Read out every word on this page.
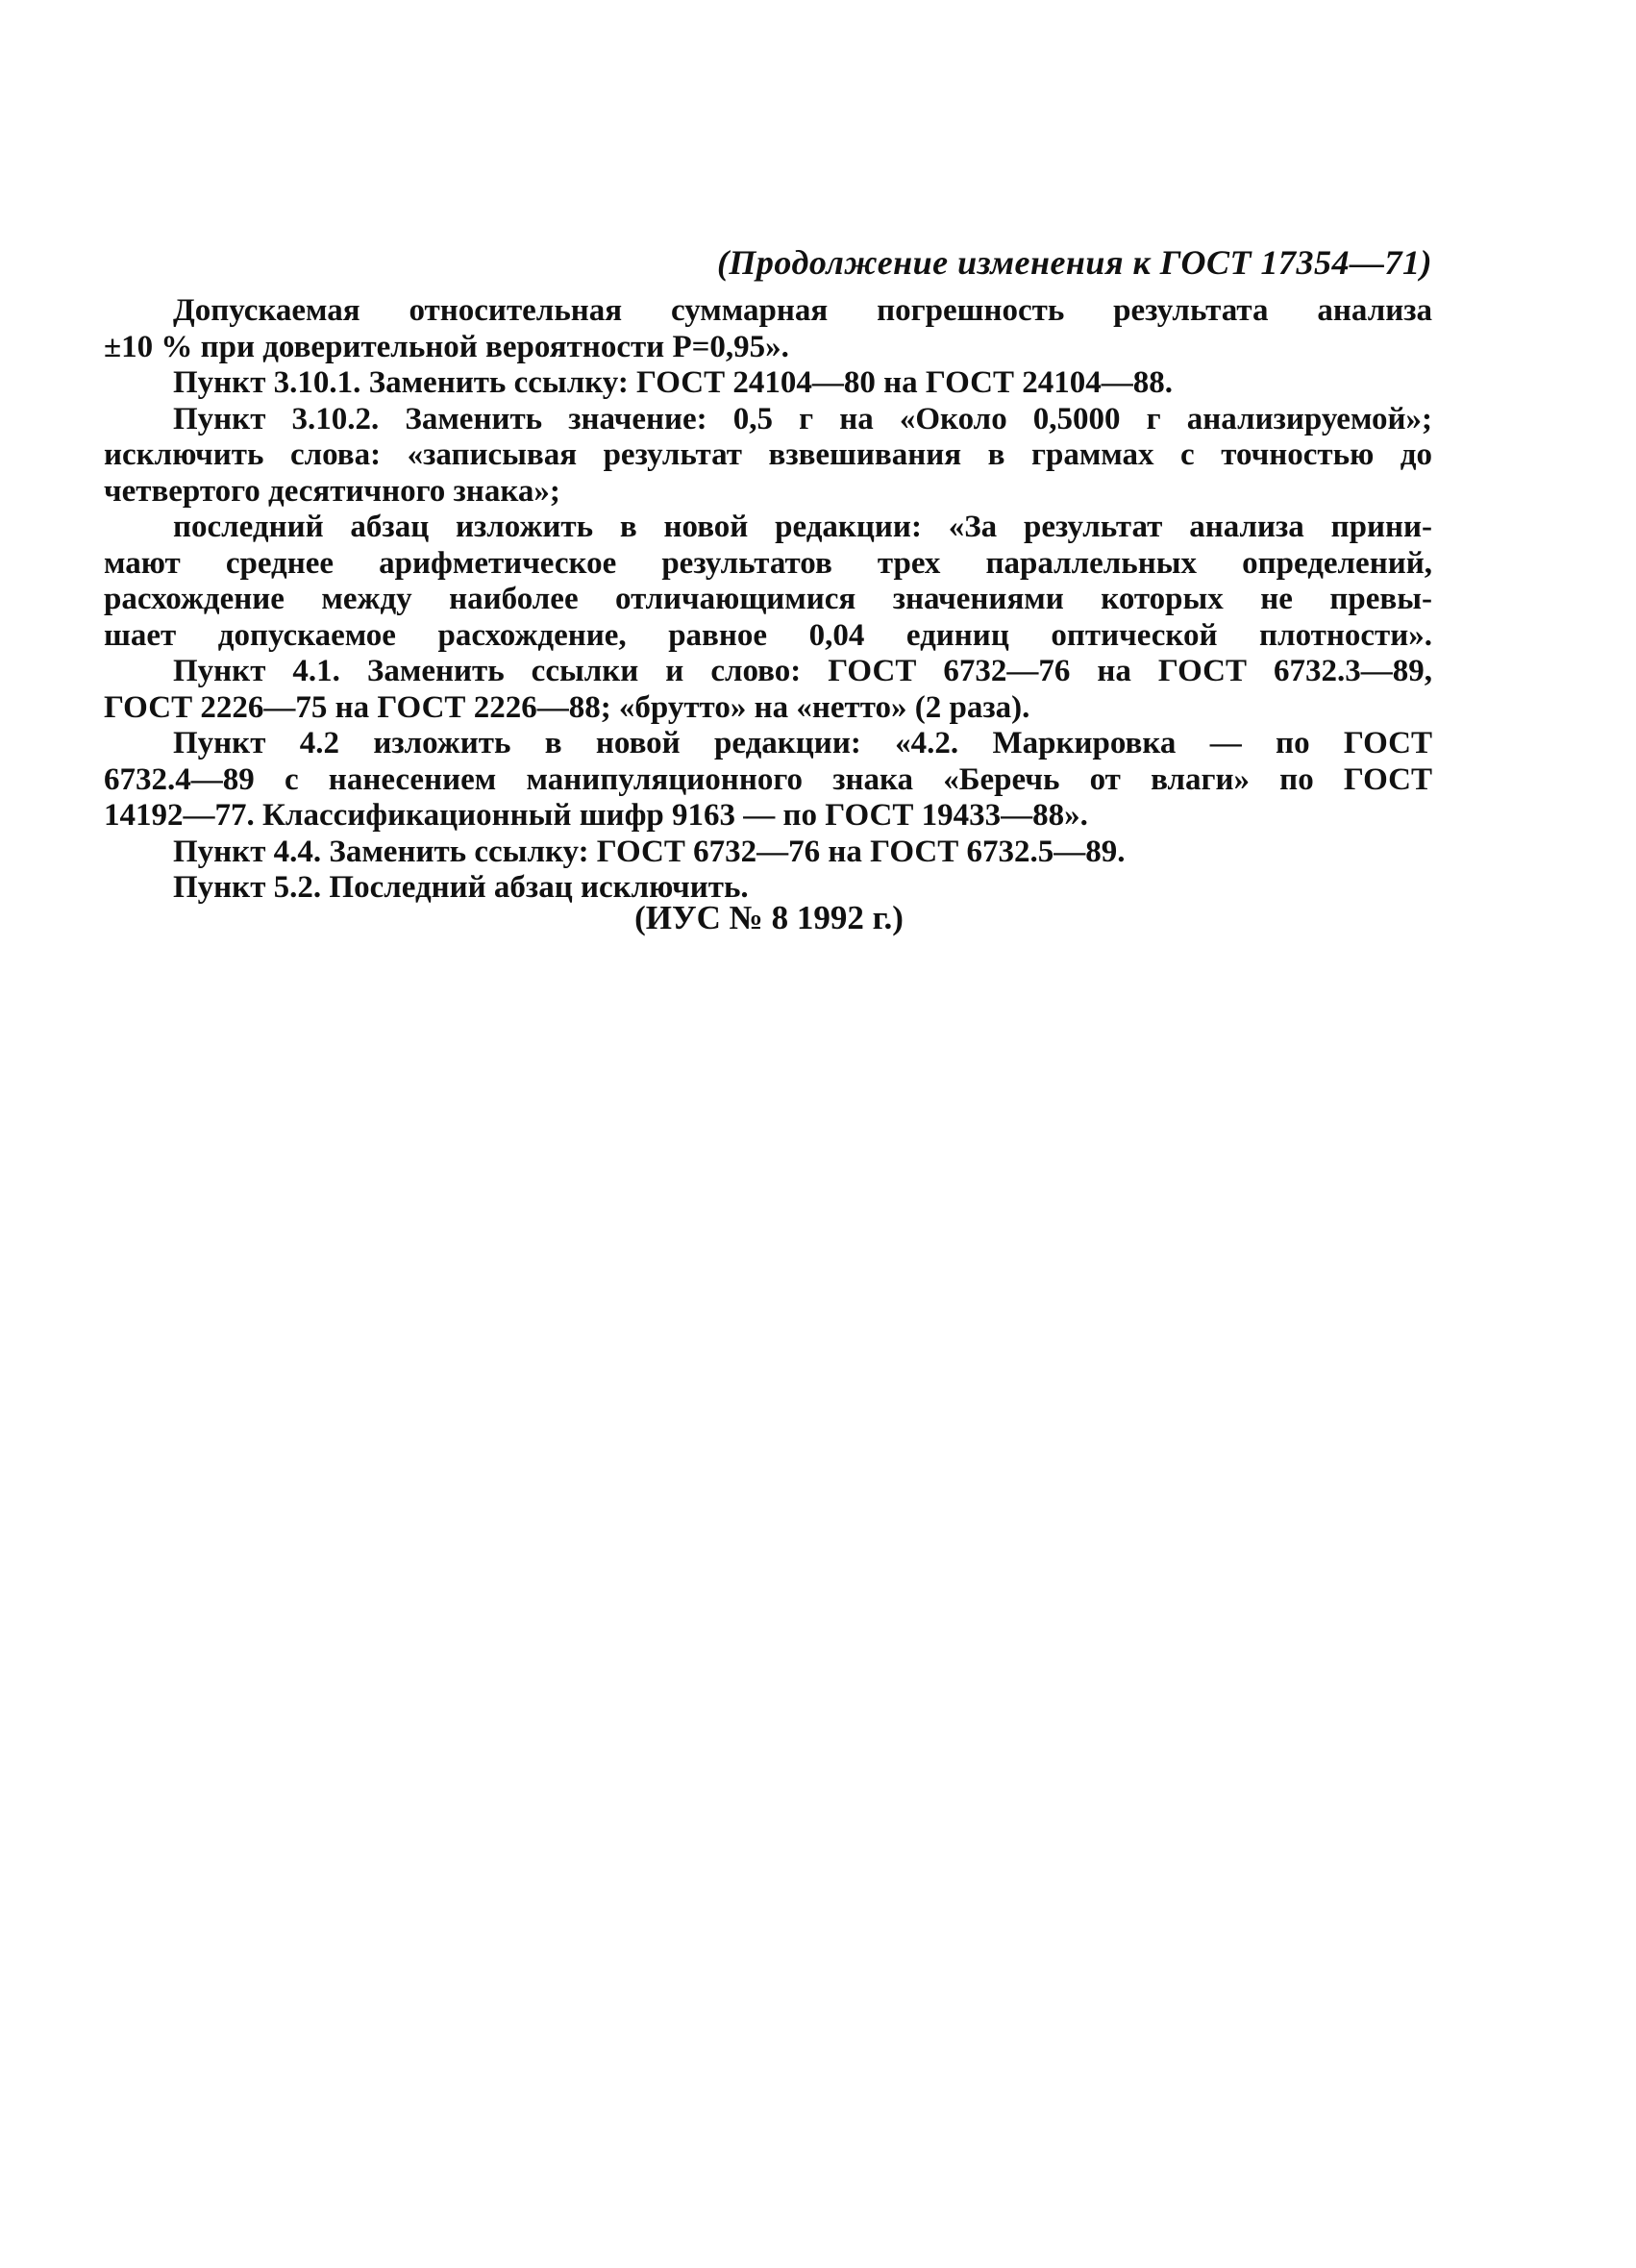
(Продолжение изменения к ГОСТ 17354—71)
Допускаемая относительная суммарная погрешность результата анализа
±10 % при доверительной вероятности P=0,95».
Пункт 3.10.1. Заменить ссылку: ГОСТ 24104—80 на ГОСТ 24104—88.
Пункт 3.10.2. Заменить значение: 0,5 г на «Около 0,5000 г анализируемой»;
исключить слова: «записывая результат взвешивания в граммах с точностью до
четвертого десятичного знака»;
последний абзац изложить в новой редакции: «За результат анализа прини-
мают среднее арифметическое результатов трех параллельных определений,
расхождение между наиболее отличающимися значениями которых не превы-
шает допускаемое расхождение, равное 0,04 единиц оптической плотности».
Пункт 4.1. Заменить ссылки и слово: ГОСТ 6732—76 на ГОСТ 6732.3—89,
ГОСТ 2226—75 на ГОСТ 2226—88; «брутто» на «нетто» (2 раза).
Пункт 4.2 изложить в новой редакции: «4.2. Маркировка — по ГОСТ
6732.4—89 с нанесением манипуляционного знака «Беречь от влаги» по ГОСТ
14192—77. Классификационный шифр 9163 — по ГОСТ 19433—88».
Пункт 4.4. Заменить ссылку: ГОСТ 6732—76 на ГОСТ 6732.5—89.
Пункт 5.2. Последний абзац исключить.
(ИУС № 8 1992 г.)
